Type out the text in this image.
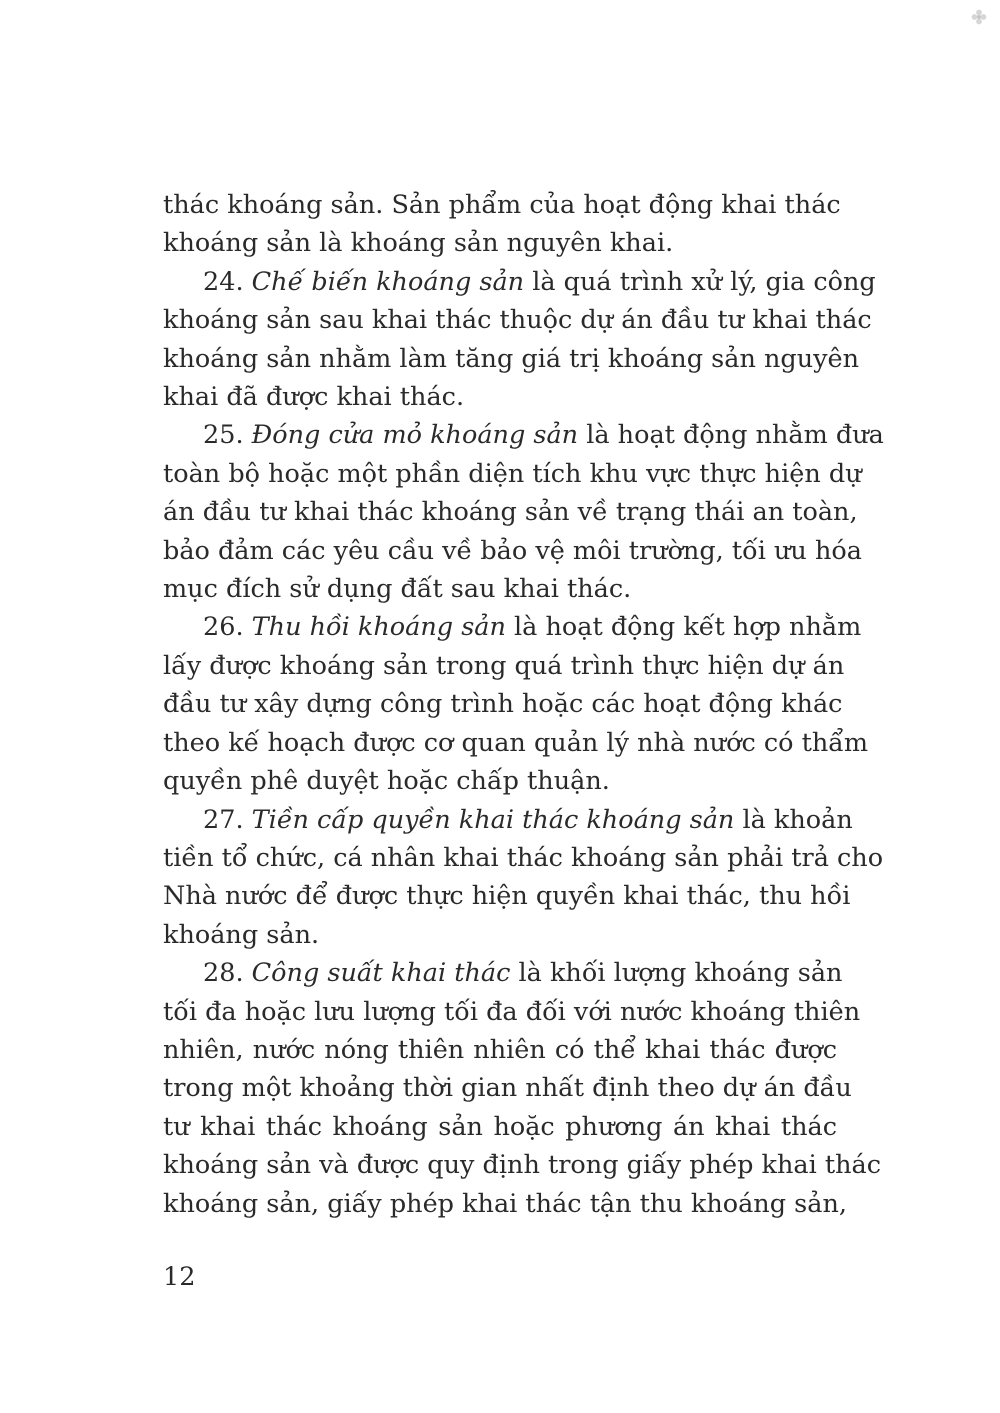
thác khoáng sản. Sản phẩm của hoạt động khai thác
khoáng sản là khoáng sản nguyên khai.
24. Chế biến khoáng sản là quá trình xử lý, gia công
khoáng sản sau khai thác thuộc dự án đầu tư khai thác
khoáng sản nhằm làm tăng giá trị khoáng sản nguyên
khai đã được khai thác.
25. Đóng cửa mỏ khoáng sản là hoạt động nhằm đưa
toàn bộ hoặc một phần diện tích khu vực thực hiện dự
án đầu tư khai thác khoáng sản về trạng thái an toàn,
bảo đảm các yêu cầu về bảo vệ môi trường, tối ưu hóa
mục đích sử dụng đất sau khai thác.
26. Thu hồi khoáng sản là hoạt động kết hợp nhằm
lấy được khoáng sản trong quá trình thực hiện dự án
đầu tư xây dựng công trình hoặc các hoạt động khác
theo kế hoạch được cơ quan quản lý nhà nước có thẩm
quyền phê duyệt hoặc chấp thuận.
27. Tiền cấp quyền khai thác khoáng sản là khoản
tiền tổ chức, cá nhân khai thác khoáng sản phải trả cho
Nhà nước để được thực hiện quyền khai thác, thu hồi
khoáng sản.
28. Công suất khai thác là khối lượng khoáng sản
tối đa hoặc lưu lượng tối đa đối với nước khoáng thiên
nhiên, nước nóng thiên nhiên có thể khai thác được
trong một khoảng thời gian nhất định theo dự án đầu
tư khai thác khoáng sản hoặc phương án khai thác
khoáng sản và được quy định trong giấy phép khai thác
khoáng sản, giấy phép khai thác tận thu khoáng sản,
12
